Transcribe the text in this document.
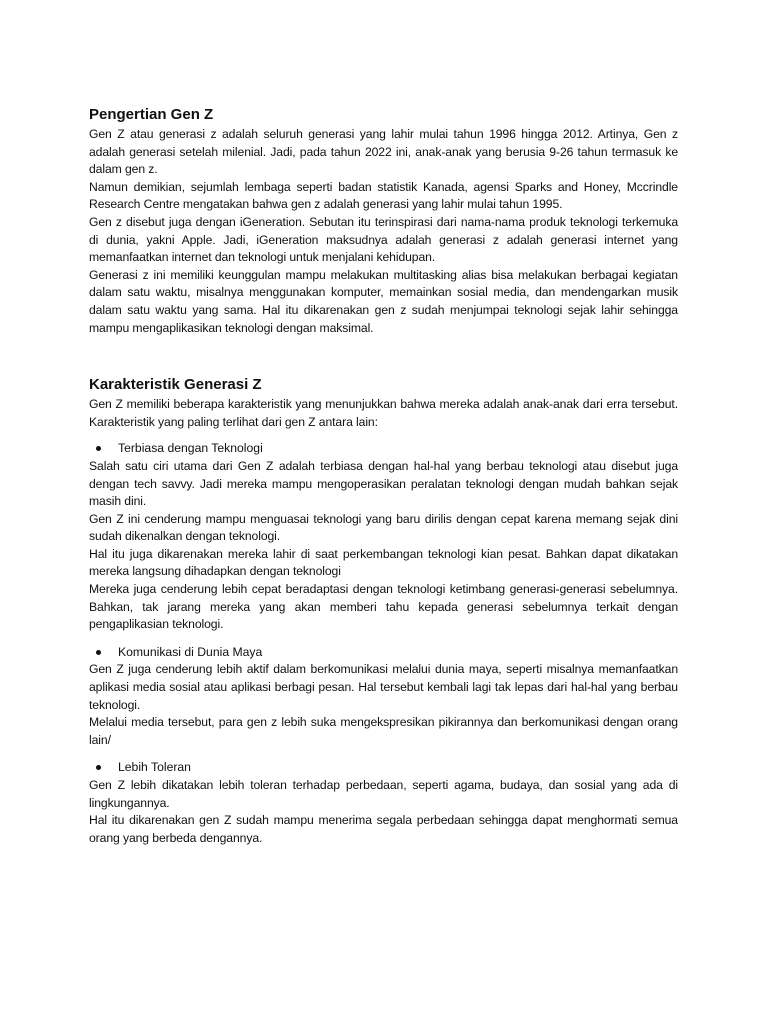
Pengertian Gen Z

Gen Z atau generasi z adalah seluruh generasi yang lahir mulai tahun 1996 hingga 2012. Artinya, Gen z adalah generasi setelah milenial. Jadi, pada tahun 2022 ini, anak-anak yang berusia 9-26 tahun termasuk ke dalam gen z.

Namun demikian, sejumlah lembaga seperti badan statistik Kanada, agensi Sparks and Honey, Mccrindle Research Centre mengatakan bahwa gen z adalah generasi yang lahir mulai tahun 1995.

Gen z disebut juga dengan iGeneration. Sebutan itu terinspirasi dari nama-nama produk teknologi terkemuka di dunia, yakni Apple. Jadi, iGeneration maksudnya adalah generasi z adalah generasi internet yang memanfaatkan internet dan teknologi untuk menjalani kehidupan.

Generasi z ini memiliki keunggulan mampu melakukan multitasking alias bisa melakukan berbagai kegiatan dalam satu waktu, misalnya menggunakan komputer, memainkan sosial media, dan mendengarkan musik dalam satu waktu yang sama. Hal itu dikarenakan gen z sudah menjumpai teknologi sejak lahir sehingga mampu mengaplikasikan teknologi dengan maksimal.

Karakteristik Generasi Z

Gen Z memiliki beberapa karakteristik yang menunjukkan bahwa mereka adalah anak-anak dari erra tersebut. Karakteristik yang paling terlihat dari gen Z antara lain:

Terbiasa dengan Teknologi

Salah satu ciri utama dari Gen Z adalah terbiasa dengan hal-hal yang berbau teknologi atau disebut juga dengan tech savvy. Jadi mereka mampu mengoperasikan peralatan teknologi dengan mudah bahkan sejak masih dini.

Gen Z ini cenderung mampu menguasai teknologi yang baru dirilis dengan cepat karena memang sejak dini sudah dikenalkan dengan teknologi.

Hal itu juga dikarenakan mereka lahir di saat perkembangan teknologi kian pesat. Bahkan dapat dikatakan mereka langsung dihadapkan dengan teknologi

Mereka juga cenderung lebih cepat beradaptasi dengan teknologi ketimbang generasi-generasi sebelumnya. Bahkan, tak jarang mereka yang akan memberi tahu kepada generasi sebelumnya terkait dengan pengaplikasian teknologi.

Komunikasi di Dunia Maya

Gen Z juga cenderung lebih aktif dalam berkomunikasi melalui dunia maya, seperti misalnya memanfaatkan aplikasi media sosial atau aplikasi berbagi pesan. Hal tersebut kembali lagi tak lepas dari hal-hal yang berbau teknologi.

Melalui media tersebut, para gen z lebih suka mengekspresikan pikirannya dan berkomunikasi dengan orang lain/

Lebih Toleran

Gen Z lebih dikatakan lebih toleran terhadap perbedaan, seperti agama, budaya, dan sosial yang ada di lingkungannya.

Hal itu dikarenakan gen Z sudah mampu menerima segala perbedaan sehingga dapat menghormati semua orang yang berbeda dengannya.
